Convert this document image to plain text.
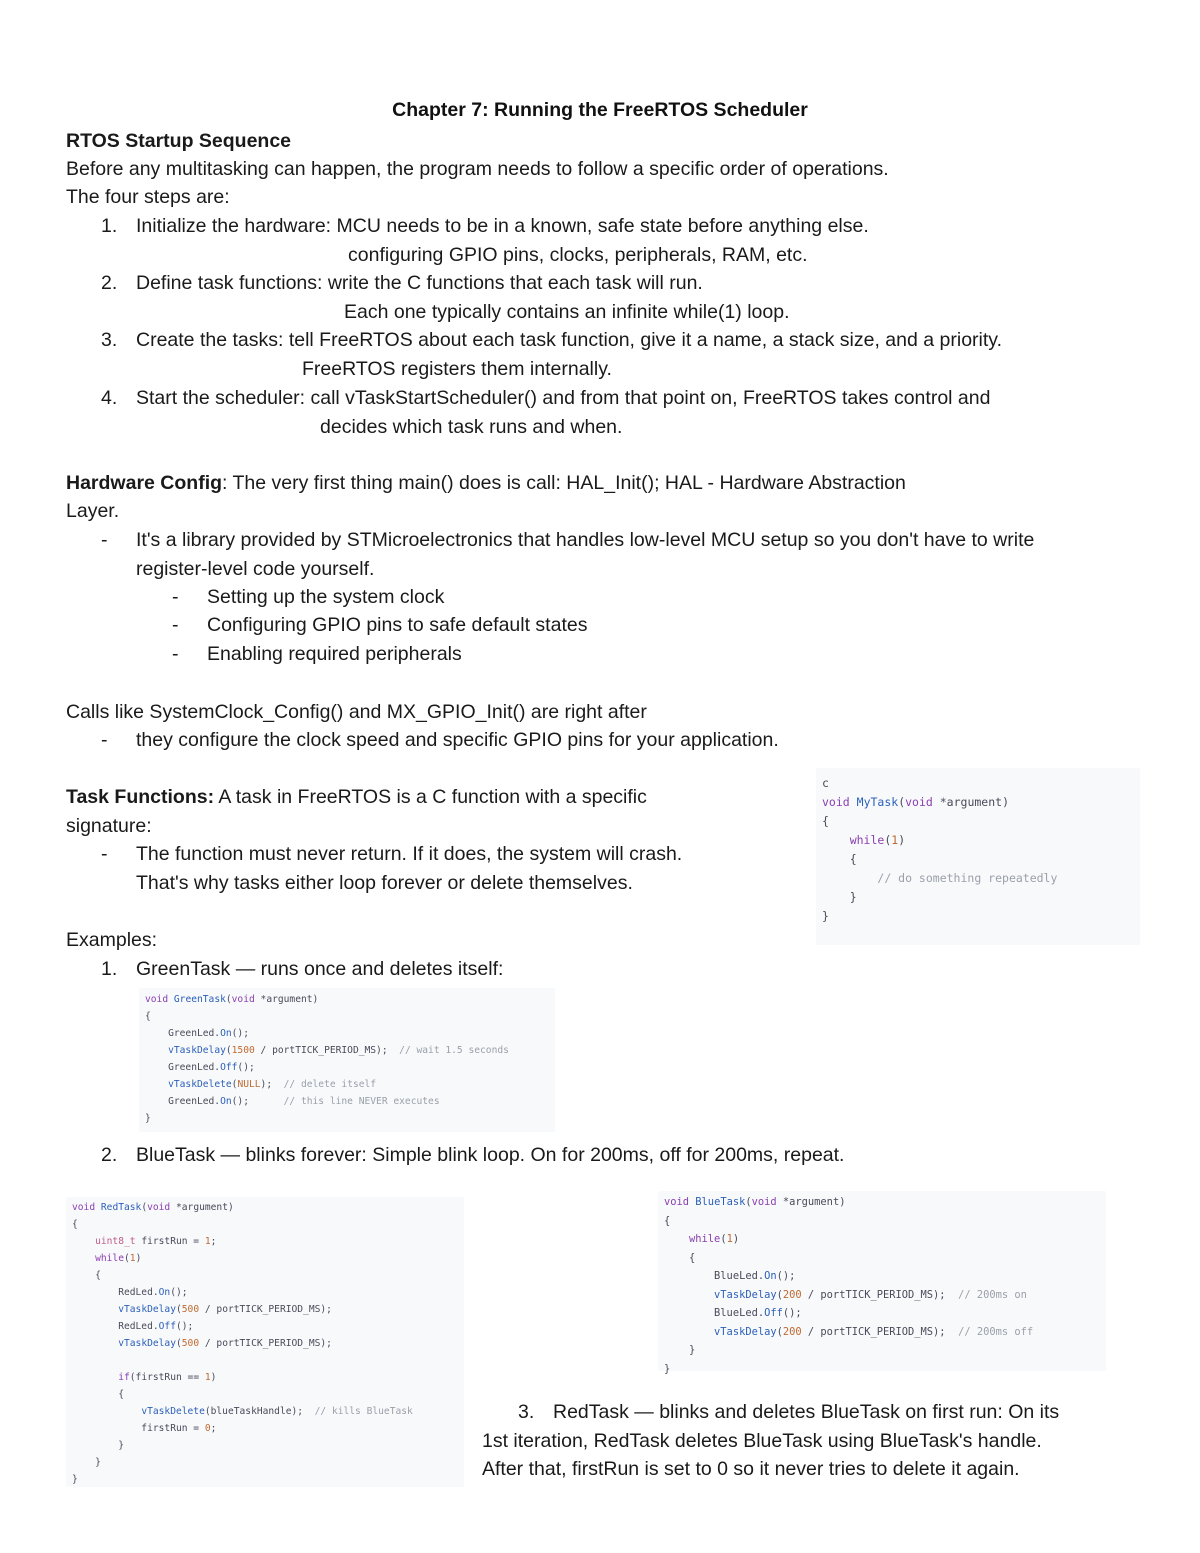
Chapter 7: Running the FreeRTOS Scheduler
RTOS Startup Sequence
Before any multitasking can happen, the program needs to follow a specific order of operations.
The four steps are:
1. Initialize the hardware: MCU needs to be in a known, safe state before anything else.
configuring GPIO pins, clocks, peripherals, RAM, etc.
2. Define task functions: write the C functions that each task will run.
Each one typically contains an infinite while(1) loop.
3. Create the tasks: tell FreeRTOS about each task function, give it a name, a stack size, and a priority.
FreeRTOS registers them internally.
4. Start the scheduler: call vTaskStartScheduler() and from that point on, FreeRTOS takes control and
decides which task runs and when.
Hardware Config: The very first thing main() does is call: HAL_Init(); HAL - Hardware Abstraction
Layer.
- It's a library provided by STMicroelectronics that handles low-level MCU setup so you don't have to write
register-level code yourself.
- Setting up the system clock
- Configuring GPIO pins to safe default states
- Enabling required peripherals
Calls like SystemClock_Config() and MX_GPIO_Init() are right after
- they configure the clock speed and specific GPIO pins for your application.
Task Functions: A task in FreeRTOS is a C function with a specific
signature:
- The function must never return. If it does, the system will crash.
That's why tasks either loop forever or delete themselves.
Examples:
1. GreenTask — runs once and deletes itself:
2. BlueTask — blinks forever: Simple blink loop. On for 200ms, off for 200ms, repeat.
3. RedTask — blinks and deletes BlueTask on first run: On its
1st iteration, RedTask deletes BlueTask using BlueTask's handle.
After that, firstRun is set to 0 so it never tries to delete it again.
c
void MyTask(void *argument)
{
while(1)
{
// do something repeatedly
}
}
void GreenTask(void *argument)
{
GreenLed.On();
vTaskDelay(1500 / portTICK_PERIOD_MS);  // wait 1.5 seconds
GreenLed.Off();
vTaskDelete(NULL);  // delete itself
GreenLed.On();      // this line NEVER executes
}
void RedTask(void *argument)
{
uint8_t firstRun = 1;
while(1)
{
RedLed.On();
vTaskDelay(500 / portTICK_PERIOD_MS);
RedLed.Off();
vTaskDelay(500 / portTICK_PERIOD_MS);
if(firstRun == 1)
{
vTaskDelete(blueTaskHandle);  // kills BlueTask
firstRun = 0;
}
}
}
void BlueTask(void *argument)
{
while(1)
{
BlueLed.On();
vTaskDelay(200 / portTICK_PERIOD_MS);  // 200ms on
BlueLed.Off();
vTaskDelay(200 / portTICK_PERIOD_MS);  // 200ms off
}
}
